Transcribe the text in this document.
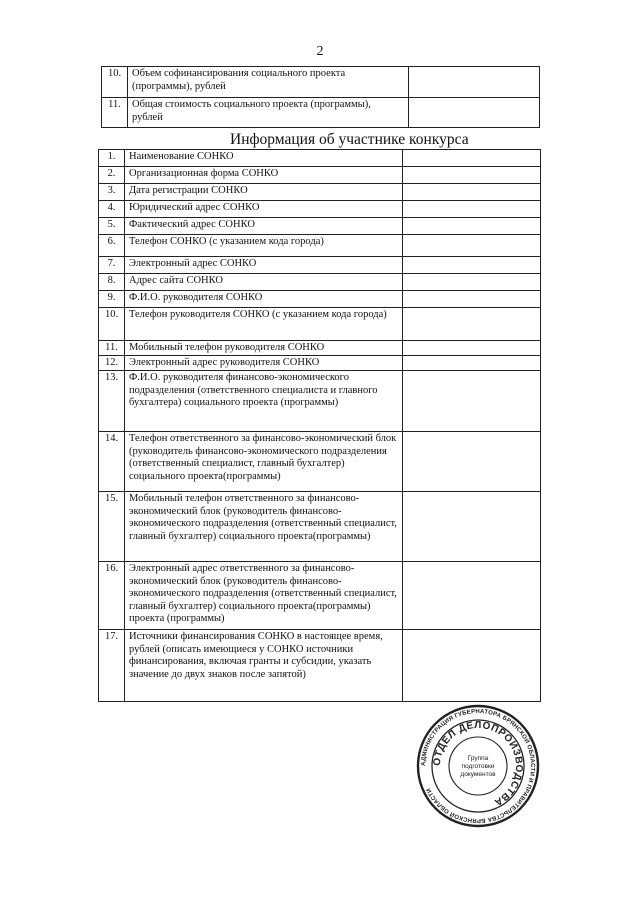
2
10.	Объем софинансирования социального проекта (программы), рублей	
11.	Общая стоимость социального проекта (программы), рублей	
Информация об участнике конкурса
1.	Наименование СОНКО	
2.	Организационная форма СОНКО	
3.	Дата регистрации СОНКО	
4.	Юридический адрес СОНКО	
5.	Фактический адрес СОНКО	
6.	Телефон СОНКО (с указанием кода города)	
7.	Электронный адрес СОНКО	
8.	Адрес сайта СОНКО	
9.	Ф.И.О. руководителя СОНКО	
10.	Телефон руководителя СОНКО (с указанием кода города)	
11.	Мобильный телефон руководителя СОНКО	
12.	Электронный адрес руководителя СОНКО	
13.	Ф.И.О. руководителя финансово-экономического подразделения (ответственного специалиста и главного бухгалтера) социального проекта (программы)	
14.	Телефон ответственного за финансово-экономический блок (руководитель финансово-экономического подразделения (ответственный специалист, главный бухгалтер) социального проекта(программы)	
15.	Мобильный телефон ответственного за финансово-экономический блок (руководитель финансово-экономического подразделения (ответственный специалист, главный бухгалтер) социального проекта(программы)	
16.	Электронный адрес ответственного за финансово-экономический блок (руководитель финансово-экономического подразделения (ответственный специалист, главный бухгалтер) социального проекта(программы) проекта (программы)	
17.	Источники финансирования СОНКО в настоящее время, рублей (описать имеющиеся у СОНКО источники финансирования, включая гранты и субсидии, указать значение до двух знаков после запятой)	
АДМИНИСТРАЦИЯ ГУБЕРНАТОРА БРЯНСКОЙ ОБЛАСТИ И ПРАВИТЕЛЬСТВА БРЯНСКОЙ ОБЛАСТИ
ОТДЕЛ ДЕЛОПРОИЗВОДСТВА
Группа
подготовки
документов
